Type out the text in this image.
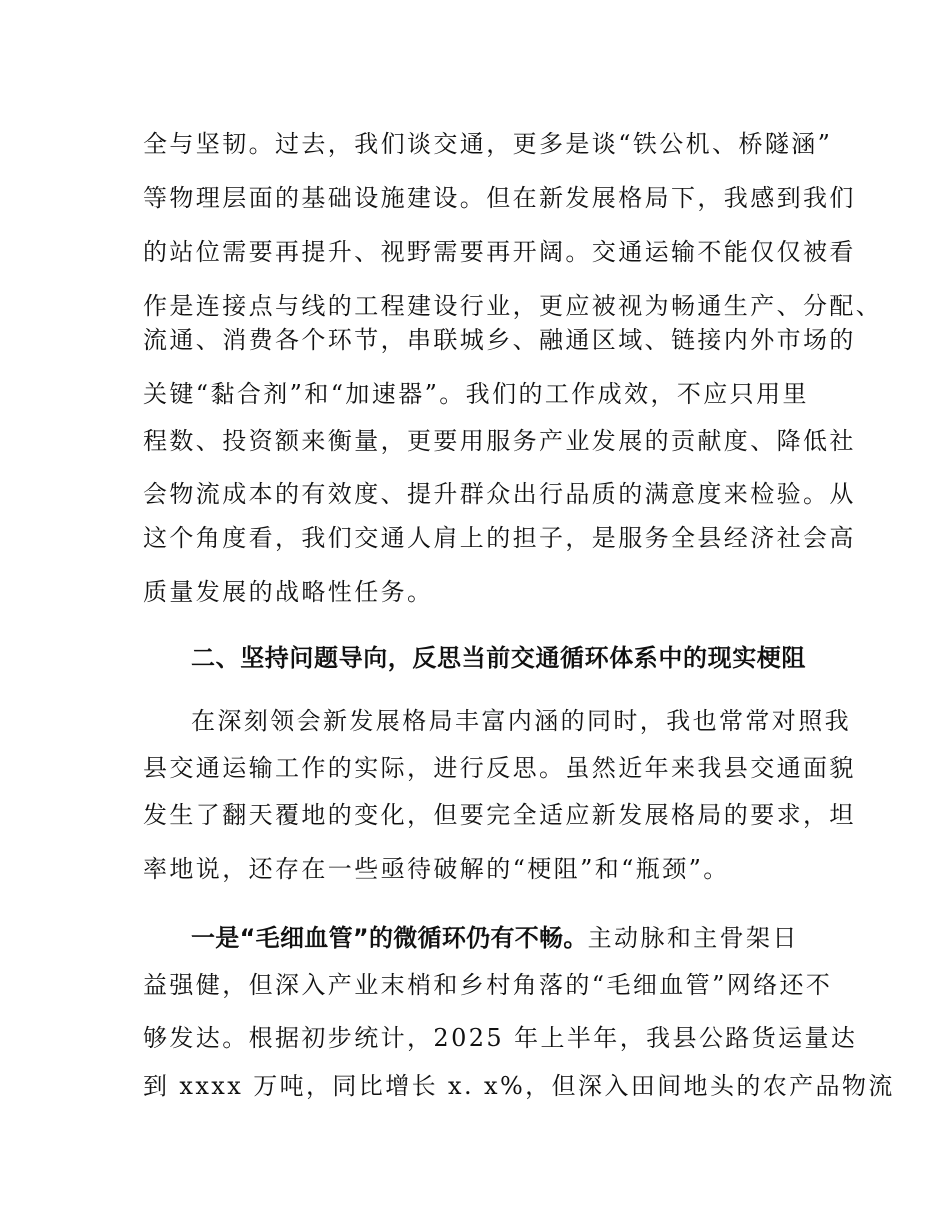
全与坚韧。过去，我们谈交通，更多是谈“铁公机、桥隧涵”
等物理层面的基础设施建设。但在新发展格局下，我感到我们
的站位需要再提升、视野需要再开阔。交通运输不能仅仅被看
作是连接点与线的工程建设行业，更应被视为畅通生产、分配、
流通、消费各个环节，串联城乡、融通区域、链接内外市场的
关键“黏合剂”和“加速器”。我们的工作成效，不应只用里
程数、投资额来衡量，更要用服务产业发展的贡献度、降低社
会物流成本的有效度、提升群众出行品质的满意度来检验。从
这个角度看，我们交通人肩上的担子，是服务全县经济社会高
质量发展的战略性任务。
二、坚持问题导向，反思当前交通循环体系中的现实梗阻
在深刻领会新发展格局丰富内涵的同时，我也常常对照我
县交通运输工作的实际，进行反思。虽然近年来我县交通面貌
发生了翻天覆地的变化，但要完全适应新发展格局的要求，坦
率地说，还存在一些亟待破解的“梗阻”和“瓶颈”。
一是“毛细血管”的微循环仍有不畅。主动脉和主骨架日
益强健，但深入产业末梢和乡村角落的“毛细血管”网络还不
够发达。根据初步统计，2025 年上半年，我县公路货运量达
到 xxxx 万吨，同比增长 x. x%，但深入田间地头的农产品物流
